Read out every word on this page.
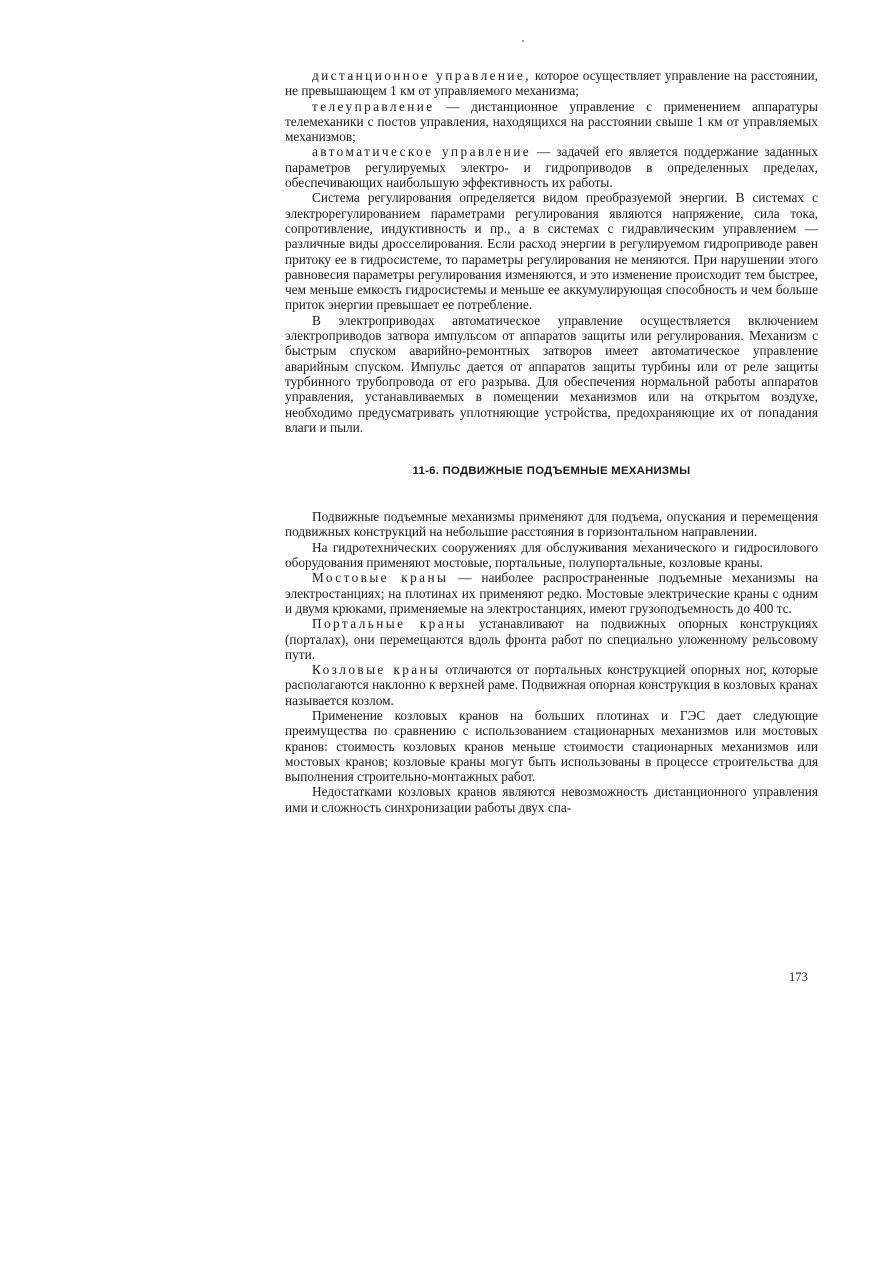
дистанционное управление, которое осуществляет управление на расстоянии, не превышающем 1 км от управляемого механизма;

телеуправление — дистанционное управление с применением аппаратуры телемеханики с постов управления, находящихся на расстоянии свыше 1 км от управляемых механизмов;

автоматическое управление — задачей его является поддержание заданных параметров регулируемых электро- и гидроприводов в определенных пределах, обеспечивающих наибольшую эффективность их работы.

Система регулирования определяется видом преобразуемой энергии. В системах с электрорегулированием параметрами регулирования являются напряжение, сила тока, сопротивление, индуктивность и пр., а в системах с гидравлическим управлением — различные виды дросселирования. Если расход энергии в регулируемом гидроприводе равен притоку ее в гидросистеме, то параметры регулирования не меняются. При нарушении этого равновесия параметры регулирования изменяются, и это изменение происходит тем быстрее, чем меньше емкость гидросистемы и меньше ее аккумулирующая способность и чем больше приток энергии превышает ее потребление.

В электроприводах автоматическое управление осуществляется включением электроприводов затвора импульсом от аппаратов защиты или регулирования. Механизм с быстрым спуском аварийно-ремонтных затворов имеет автоматическое управление аварийным спуском. Импульс дается от аппаратов защиты турбины или от реле защиты турбинного трубопровода от его разрыва. Для обеспечения нормальной работы аппаратов управления, устанавливаемых в помещении механизмов или на открытом воздухе, необходимо предусматривать уплотняющие устройства, предохраняющие их от попадания влаги и пыли.

11-6. ПОДВИЖНЫЕ ПОДЪЕМНЫЕ МЕХАНИЗМЫ

Подвижные подъемные механизмы применяют для подъема, опускания и перемещения подвижных конструкций на небольшие расстояния в горизонтальном направлении.

На гидротехнических сооружениях для обслуживания механического и гидросилового оборудования применяют мостовые, портальные, полупортальные, козловые краны.

Мостовые краны — наиболее распространенные подъемные механизмы на электростанциях; на плотинах их применяют редко. Мостовые электрические краны с одним и двумя крюками, применяемые на электростанциях, имеют грузоподъемность до 400 тс.

Портальные краны устанавливают на подвижных опорных конструкциях (порталах), они перемещаются вдоль фронта работ по специально уложенному рельсовому пути.

Козловые краны отличаются от портальных конструкцией опорных ног, которые располагаются наклонно к верхней раме. Подвижная опорная конструкция в козловых кранах называется козлом.

Применение козловых кранов на больших плотинах и ГЭС дает следующие преимущества по сравнению с использованием стационарных механизмов или мостовых кранов: стоимость козловых кранов меньше стоимости стационарных механизмов или мостовых кранов; козловые краны могут быть использованы в процессе строительства для выполнения строительно-монтажных работ.

Недостатками козловых кранов являются невозможность дистанционного управления ими и сложность синхронизации работы двух спа-

173
